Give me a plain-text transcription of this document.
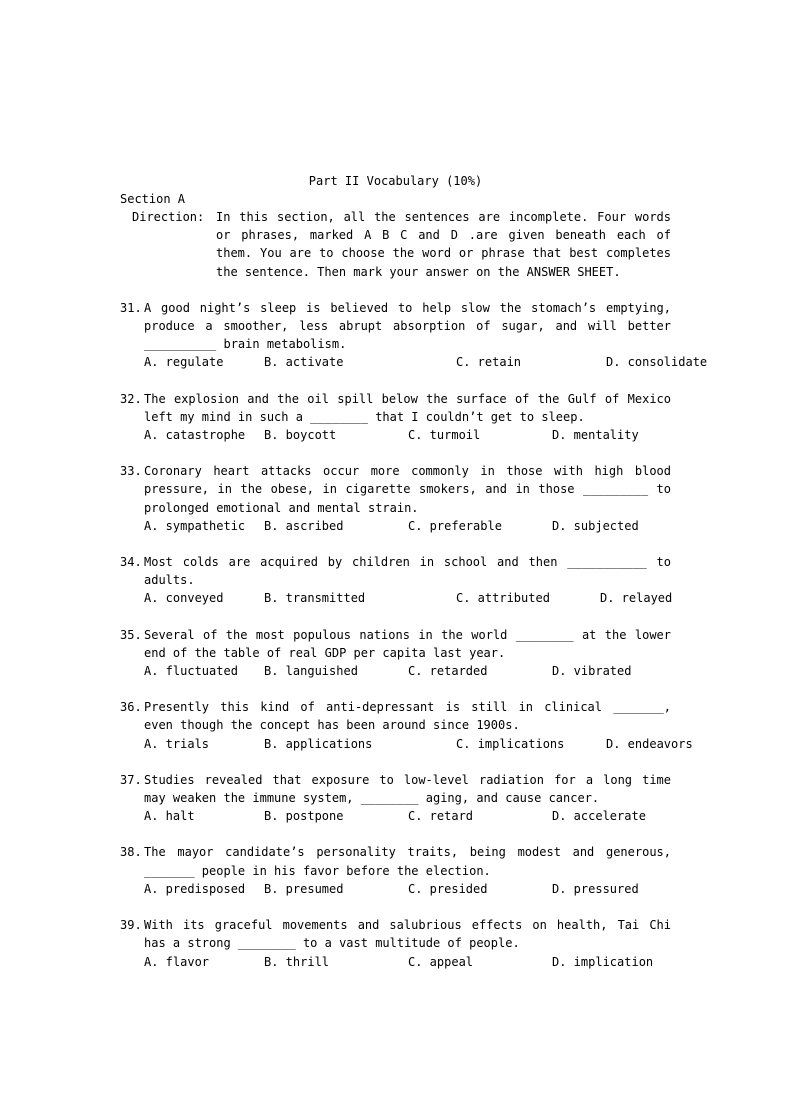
Part II Vocabulary (10%)
Section A
Direction: In this section, all the sentences are incomplete. Four words or phrases, marked A B C and D .are given beneath each of them. You are to choose the word or phrase that best completes the sentence. Then mark your answer on the ANSWER SHEET.
31. A good night’s sleep is believed to help slow the stomach’s emptying, produce a smoother, less abrupt absorption of sugar, and will better __________ brain metabolism.
A. regulate	B. activate	C. retain	D. consolidate
32. The explosion and the oil spill below the surface of the Gulf of Mexico left my mind in such a ________ that I couldn’t get to sleep.
A. catastrophe	B. boycott	C. turmoil	D. mentality
33. Coronary heart attacks occur more commonly in those with high blood pressure, in the obese, in cigarette smokers, and in those _________ to prolonged emotional and mental strain.
A. sympathetic	B. ascribed	C. preferable	D. subjected
34. Most colds are acquired by children in school and then ___________ to adults.
A. conveyed	B. transmitted	C. attributed	D. relayed
35. Several of the most populous nations in the world ________ at the lower end of the table of real GDP per capita last year.
A. fluctuated	B. languished	C. retarded	D. vibrated
36. Presently this kind of anti-depressant is still in clinical _______, even though the concept has been around since 1900s.
A. trials	B. applications	C. implications	D. endeavors
37. Studies revealed that exposure to low-level radiation for a long time may weaken the immune system, ________ aging, and cause cancer.
A. halt	B. postpone	C. retard	D. accelerate
38. The mayor candidate’s personality traits, being modest and generous, _______ people in his favor before the election.
A. predisposed	B. presumed	C. presided	D. pressured
39. With its graceful movements and salubrious effects on health, Tai Chi has a strong ________ to a vast multitude of people.
A. flavor	B. thrill	C. appeal	D. implication
